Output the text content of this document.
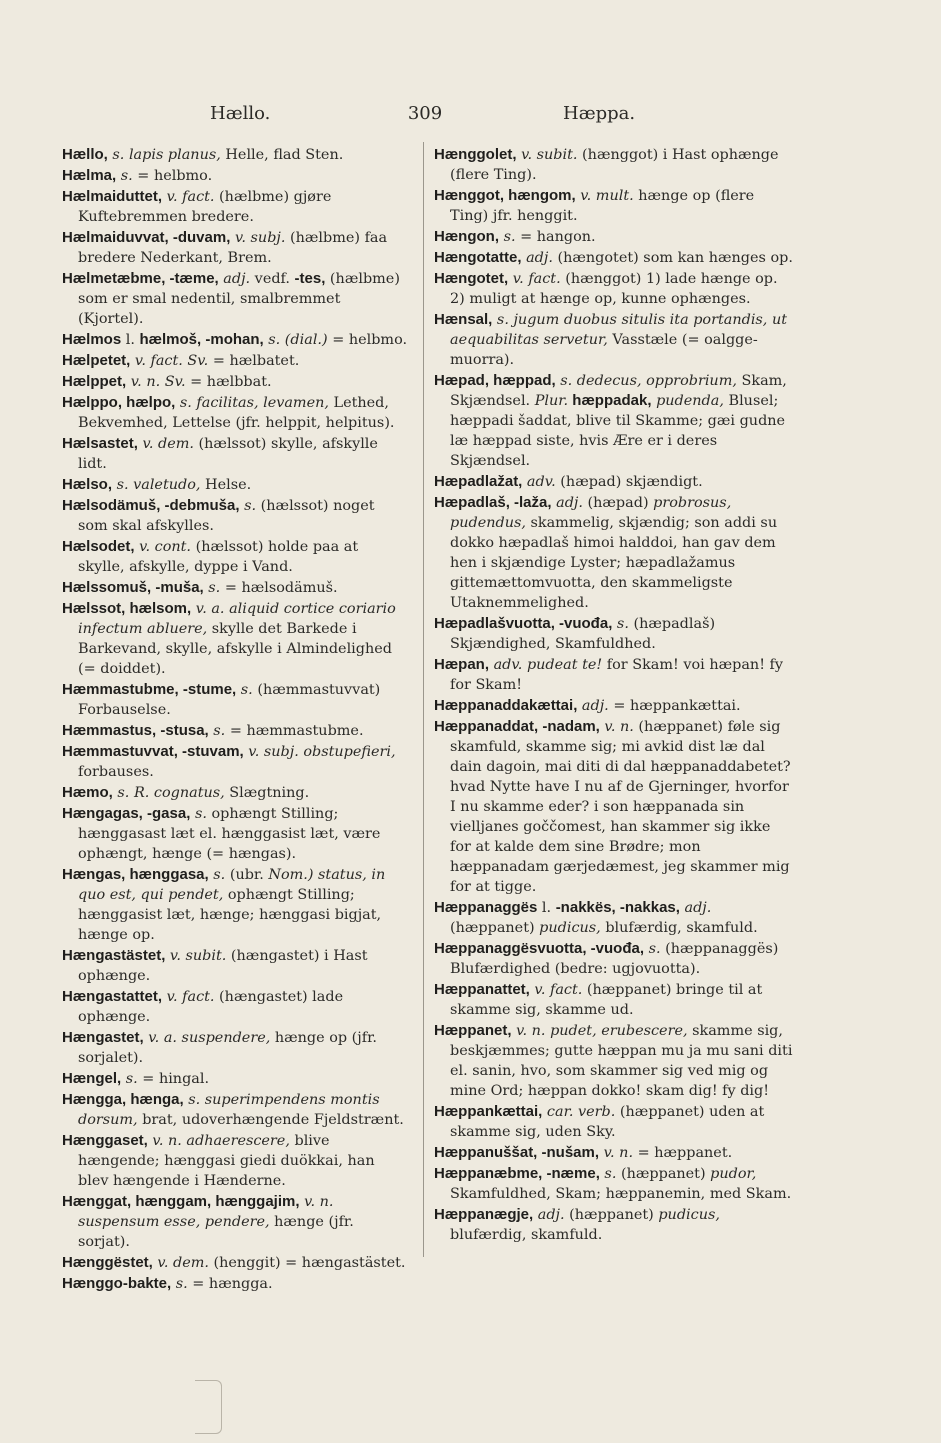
Hællo.	309	Hæppa.

Hællo, s. lapis planus, Helle, flad Sten.

Hælma, s. = helbmo.

Hælmaiduttet, v. fact. (hælbme) gjøre Kuftebremmen bredere.

Hælmaiduvvat, -duvam, v. subj. (hælbme) faa bredere Nederkant, Brem.

Hælmetæbme, -tæme, adj. vedf. -tes, (hælbme) som er smal nedentil, smalbremmet (Kjortel).

Hælmos l. hælmoš, -mohan, s. (dial.) = helbmo.

Hælpetet, v. fact. Sv. = hælbatet.

Hælppet, v. n. Sv. = hælbbat.

Hælppo, hælpo, s. facilitas, levamen, Lethed, Bekvemhed, Lettelse (jfr. helppit, helpitus).

Hælsastet, v. dem. (hælssot) skylle, afskylle lidt.

Hælso, s. valetudo, Helse.

Hælsodämuš, -debmuša, s. (hælssot) noget som skal afskylles.

Hælsodet, v. cont. (hælssot) holde paa at skylle, afskylle, dyppe i Vand.

Hælssomuš, -muša, s. = hælsodämuš.

Hælssot, hælsom, v. a. aliquid cortice coriario infectum abluere, skylle det Barkede i Barkevand, skylle, afskylle i Almindelighed (= doiddet).

Hæmmastubme, -stume, s. (hæmmastuvvat) Forbauselse.

Hæmmastus, -stusa, s. = hæmmastubme.

Hæmmastuvvat, -stuvam, v. subj. obstupefieri, forbauses.

Hæmo, s. R. cognatus, Slægtning.

Hængagas, -gasa, s. ophængt Stilling; hænggasast læt el. hænggasist læt, være ophængt, hænge (= hængas).

Hængas, hænggasa, s. (ubr. Nom.) status, in quo est, qui pendet, ophængt Stilling; hænggasist læt, hænge; hænggasi bigjat, hænge op.

Hængastästet, v. subit. (hængastet) i Hast ophænge.

Hængastattet, v. fact. (hængastet) lade ophænge.

Hængastet, v. a. suspendere, hænge op (jfr. sorjalet).

Hængel, s. = hingal.

Hængga, hænga, s. superimpendens montis dorsum, brat, udoverhængende Fjeldstrænt.

Hænggaset, v. n. adhaerescere, blive hængende; hænggasi giedi duökkai, han blev hængende i Hænderne.

Hænggat, hænggam, hænggajim, v. n. suspensum esse, pendere, hænge (jfr. sorjat).

Hænggëstet, v. dem. (henggit) = hængastästet.

Hænggo-bakte, s. = hængga.

Hænggolet, v. subit. (hænggot) i Hast ophænge (flere Ting).

Hænggot, hængom, v. mult. hænge op (flere Ting) jfr. henggit.

Hængon, s. = hangon.

Hængotatte, adj. (hængotet) som kan hænges op.

Hængotet, v. fact. (hænggot) 1) lade hænge op. 2) muligt at hænge op, kunne ophænges.

Hænsal, s. jugum duobus situlis ita portandis, ut aequabilitas servetur, Vasstæle (= oalgge-muorra).

Hæpad, hæppad, s. dedecus, opprobrium, Skam, Skjændsel. Plur. hæppadak, pudenda, Blusel; hæppadi šaddat, blive til Skamme; gæi gudne læ hæppad siste, hvis Ære er i deres Skjændsel.

Hæpadlažat, adv. (hæpad) skjændigt.

Hæpadlaš, -laža, adj. (hæpad) probrosus, pudendus, skammelig, skjændig; son addi su dokko hæpadlaš himoi halddoi, han gav dem hen i skjændige Lyster; hæpadlažamus gittemættomvuotta, den skammeligste Utaknemmelighed.

Hæpadlašvuotta, -vuođa, s. (hæpadlaš) Skjændighed, Skamfuldhed.

Hæpan, adv. pudeat te! for Skam! voi hæpan! fy for Skam!

Hæppanaddakættai, adj. = hæppankættai.

Hæppanaddat, -nadam, v. n. (hæppanet) føle sig skamfuld, skamme sig; mi avkid dist læ dal dain dagoin, mai diti di dal hæppanaddabetet? hvad Nytte have I nu af de Gjerninger, hvorfor I nu skamme eder? i son hæppanada sin vielljanes goččomest, han skammer sig ikke for at kalde dem sine Brødre; mon hæppanadam gærjedæmest, jeg skammer mig for at tigge.

Hæppanaggës l. -nakkës, -nakkas, adj. (hæppanet) pudicus, blufærdig, skamfuld.

Hæppanaggësvuotta, -vuođa, s. (hæppanaggës) Blufærdighed (bedre: ugjovuotta).

Hæppanattet, v. fact. (hæppanet) bringe til at skamme sig, skamme ud.

Hæppanet, v. n. pudet, erubescere, skamme sig, beskjæmmes; gutte hæppan mu ja mu sani diti el. sanin, hvo, som skammer sig ved mig og mine Ord; hæppan dokko! skam dig! fy dig!

Hæppankættai, car. verb. (hæppanet) uden at skamme sig, uden Sky.

Hæppanuššat, -nušam, v. n. = hæppanet.

Hæppanæbme, -næme, s. (hæppanet) pudor, Skamfuldhed, Skam; hæppanemin, med Skam.

Hæppanægje, adj. (hæppanet) pudicus, blufærdig, skamfuld.
